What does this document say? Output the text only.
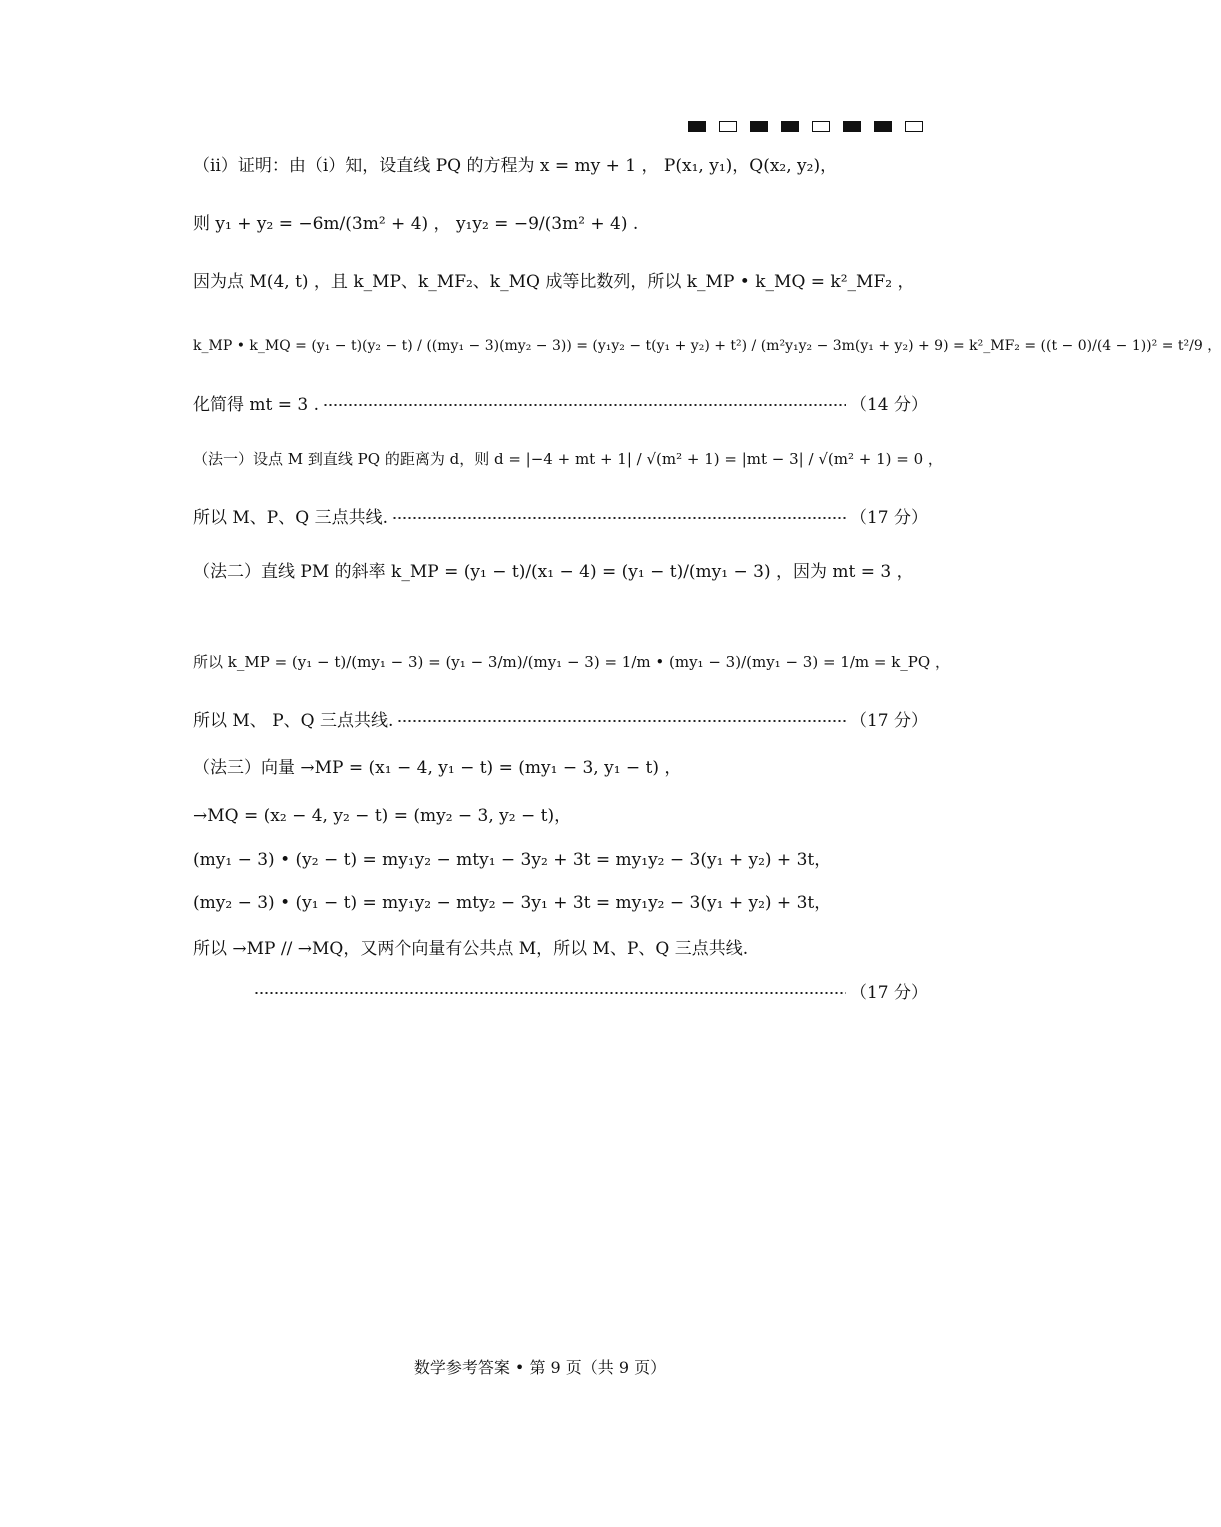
（ⅱ）证明：由（ⅰ）知，设直线 PQ 的方程为 x = my + 1 ， P(x₁, y₁)，Q(x₂, y₂)，
则 y₁ + y₂ = −6m/(3m² + 4) ， y₁y₂ = −9/(3m² + 4) .
因为点 M(4, t) ，且 k_MP、k_MF₂、k_MQ 成等比数列，所以 k_MP • k_MQ = k²_MF₂ ，
k_MP • k_MQ = (y₁ − t)(y₂ − t) / ((my₁ − 3)(my₂ − 3)) = (y₁y₂ − t(y₁ + y₂) + t²) / (m²y₁y₂ − 3m(y₁ + y₂) + 9) = k²_MF₂ = ((t − 0)/(4 − 1))² = t²/9 ，
化简得 mt = 3 .	（14 分）
（法一）设点 M 到直线 PQ 的距离为 d，则 d = |−4 + mt + 1| / √(m² + 1) = |mt − 3| / √(m² + 1) = 0 ，
所以 M、P、Q 三点共线.	（17 分）
（法二）直线 PM 的斜率 k_MP = (y₁ − t)/(x₁ − 4) = (y₁ − t)/(my₁ − 3) ，因为 mt = 3 ，
所以 k_MP = (y₁ − t)/(my₁ − 3) = (y₁ − 3/m)/(my₁ − 3) = 1/m • (my₁ − 3)/(my₁ − 3) = 1/m = k_PQ ，
所以 M、 P、Q 三点共线.	（17 分）
（法三）向量 →MP = (x₁ − 4, y₁ − t) = (my₁ − 3, y₁ − t) ，
→MQ = (x₂ − 4, y₂ − t) = (my₂ − 3, y₂ − t)，
(my₁ − 3) • (y₂ − t) = my₁y₂ − mty₁ − 3y₂ + 3t = my₁y₂ − 3(y₁ + y₂) + 3t，
(my₂ − 3) • (y₁ − t) = my₁y₂ − mty₂ − 3y₁ + 3t = my₁y₂ − 3(y₁ + y₂) + 3t，
所以 →MP // →MQ，又两个向量有公共点 M，所以 M、P、Q 三点共线.
（17 分）
数学参考答案 • 第 9 页（共 9 页）
